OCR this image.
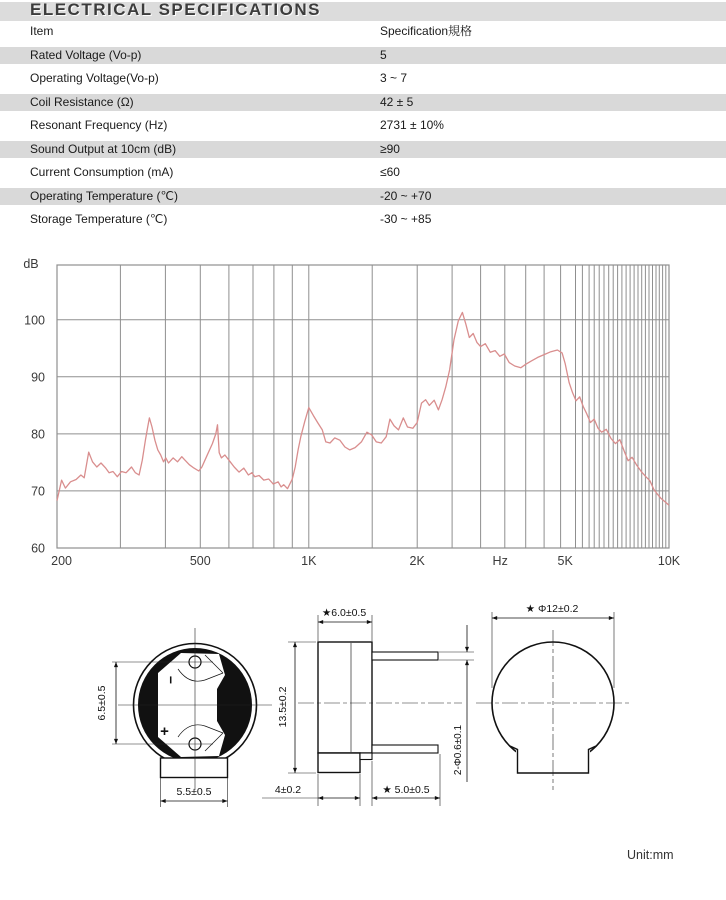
ELECTRICAL SPECIFICATIONS
Item	Specification規格
Rated Voltage (Vo-p)	5
Operating Voltage(Vo-p)	3 ~ 7
Coil Resistance (Ω)	42 ± 5
Resonant Frequency (Hz)	2731 ± 10%
Sound Output at 10cm (dB)	≥90
Current Consumption (mA)	≤60
Operating Temperature (℃)	-20 ~ +70
Storage Temperature (℃)	-30 ~ +85
100
90
80
70
60
dB
200	500	1K	2K	Hz	5K	10K
6.5±0.5
5.5±0.5
−
+
★6.0±0.5
13.5±0.2
4±0.2	★ 5.0±0.5
2-Φ0.6±0.1
★ Φ12±0.2
Unit:mm
